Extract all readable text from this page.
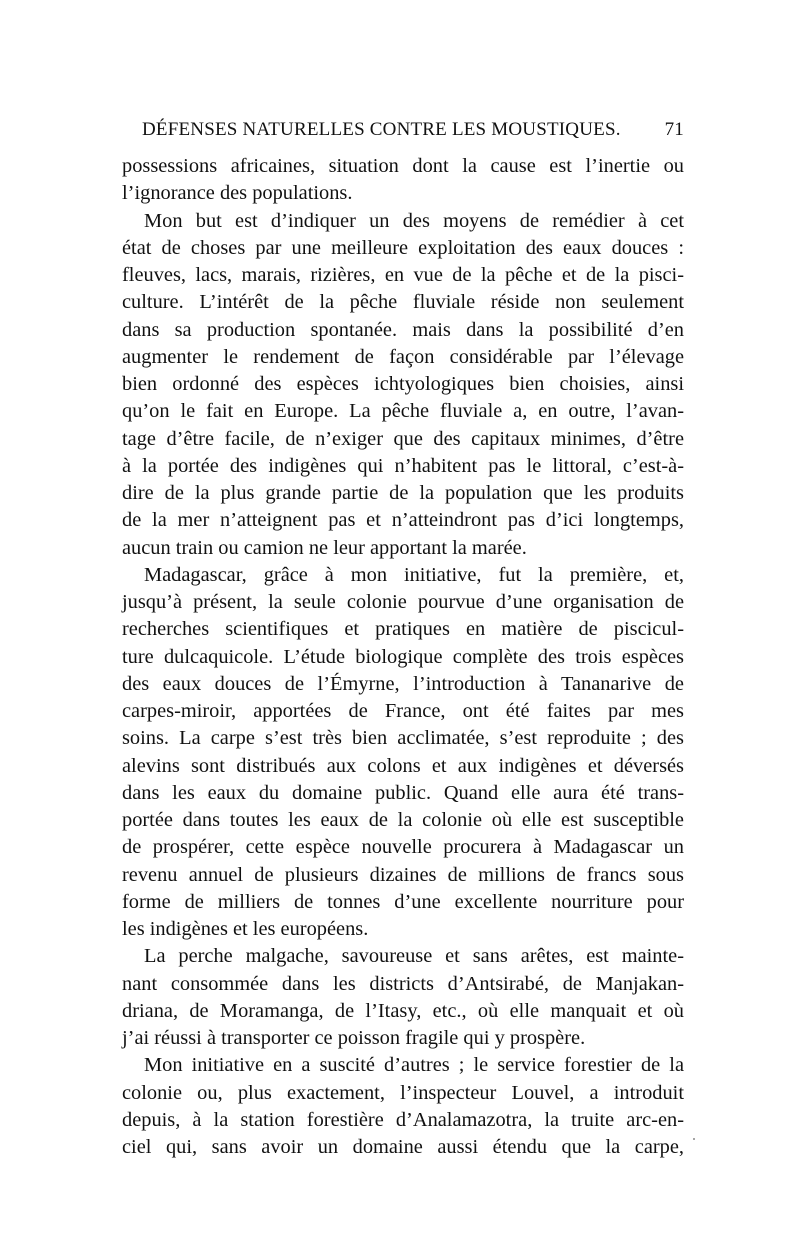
DÉFENSES NATURELLES CONTRE LES MOUSTIQUES. 71
possessions africaines, situation dont la cause est l’inertie ou
l’ignorance des populations.
Mon but est d’indiquer un des moyens de remédier à cet
état de choses par une meilleure exploitation des eaux douces :
fleuves, lacs, marais, rizières, en vue de la pêche et de la pisci-
culture. L’intérêt de la pêche fluviale réside non seulement
dans sa production spontanée. mais dans la possibilité d’en
augmenter le rendement de façon considérable par l’élevage
bien ordonné des espèces ichtyologiques bien choisies, ainsi
qu’on le fait en Europe. La pêche fluviale a, en outre, l’avan-
tage d’être facile, de n’exiger que des capitaux minimes, d’être
à la portée des indigènes qui n’habitent pas le littoral, c’est-à-
dire de la plus grande partie de la population que les produits
de la mer n’atteignent pas et n’atteindront pas d’ici longtemps,
aucun train ou camion ne leur apportant la marée.
Madagascar, grâce à mon initiative, fut la première, et,
jusqu’à présent, la seule colonie pourvue d’une organisation de
recherches scientifiques et pratiques en matière de piscicul-
ture dulcaquicole. L’étude biologique complète des trois espèces
des eaux douces de l’Émyrne, l’introduction à Tananarive de
carpes-miroir, apportées de France, ont été faites par mes
soins. La carpe s’est très bien acclimatée, s’est reproduite ; des
alevins sont distribués aux colons et aux indigènes et déversés
dans les eaux du domaine public. Quand elle aura été trans-
portée dans toutes les eaux de la colonie où elle est susceptible
de prospérer, cette espèce nouvelle procurera à Madagascar un
revenu annuel de plusieurs dizaines de millions de francs sous
forme de milliers de tonnes d’une excellente nourriture pour
les indigènes et les européens.
La perche malgache, savoureuse et sans arêtes, est mainte-
nant consommée dans les districts d’Antsirabé, de Manjakan-
driana, de Moramanga, de l’Itasy, etc., où elle manquait et où
j’ai réussi à transporter ce poisson fragile qui y prospère.
Mon initiative en a suscité d’autres ; le service forestier de la
colonie ou, plus exactement, l’inspecteur Louvel, a introduit
depuis, à la station forestière d’Analamazotra, la truite arc-en-
ciel qui, sans avoir un domaine aussi étendu que la carpe,
